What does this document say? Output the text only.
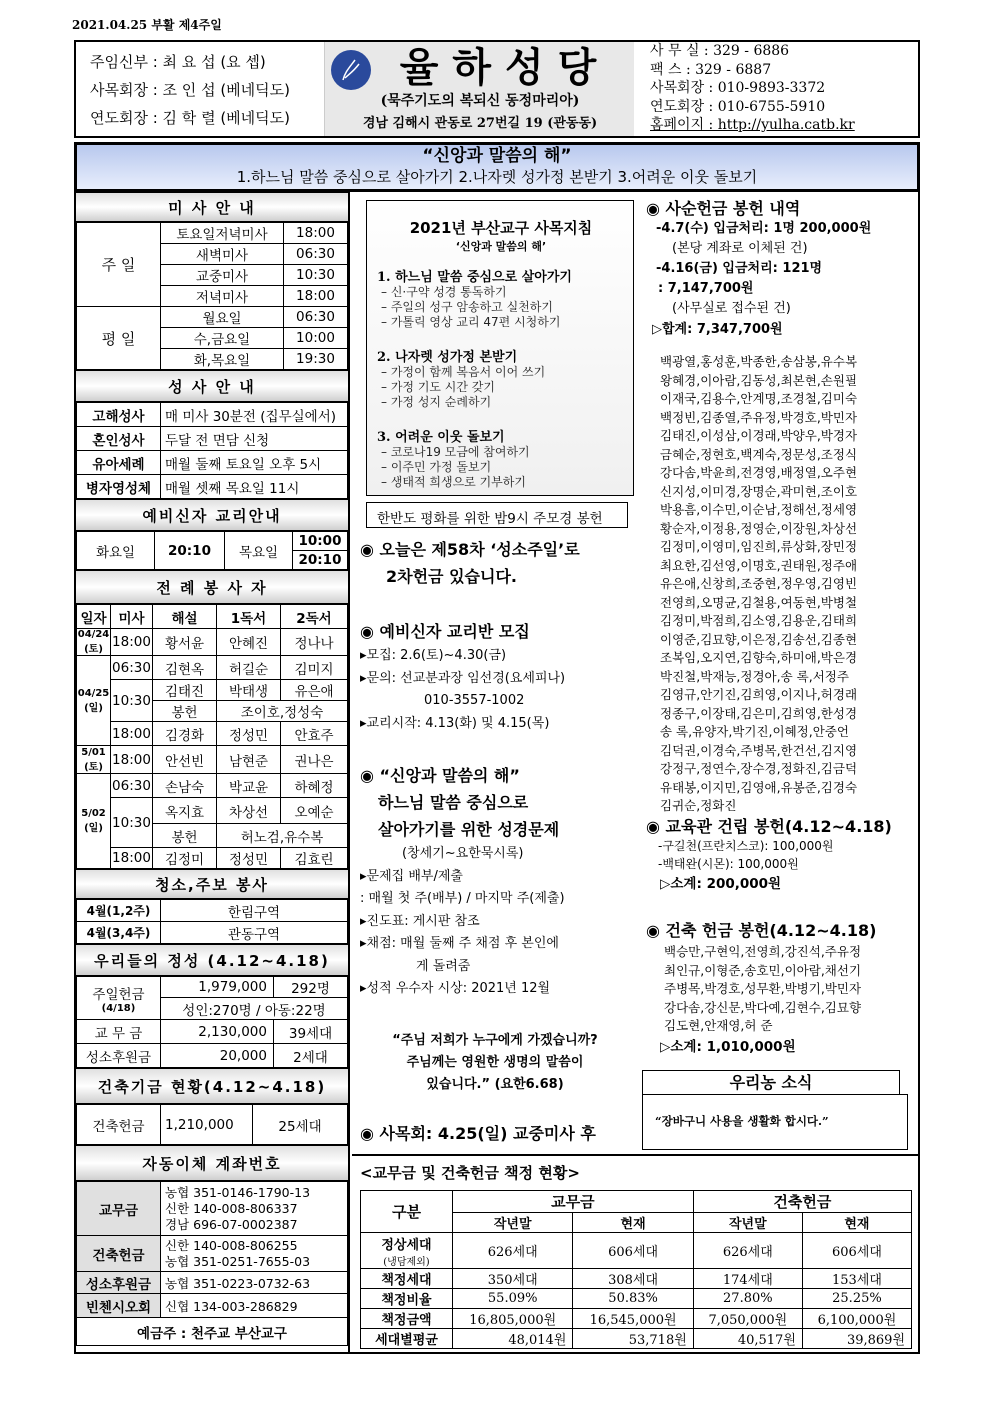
2021.04.25 부활 제4주일
주임신부 : 최 요 섭 (요 셉)
사목회장 : 조 인 섭 (베네딕도)
연도회장 : 김 학 렬 (베네딕도)
율하성당
(묵주기도의 복되신 동정마리아)
경남 김해시 관동로 27번길 19 (관동동)
사 무 실 : 329 - 6886
팩 스 : 329 - 6887
사목회장 : 010-9893-3372
연도회장 : 010-6755-5910
홈페이지 : http://yulha.catb.kr
“신앙과 말씀의 해”
1.하느님 말씀 중심으로 살아가기 2.나자렛 성가정 본받기 3.어려운 이웃 돌보기
미 사 안 내
주 일	토요일저녁미사	18:00
	새벽미사	06:30
	교중미사	10:30
	저녁미사	18:00
평 일	월요일	06:30
	수,금요일	10:00
	화,목요일	19:30
성 사 안 내
고해성사	매 미사 30분전 (집무실에서)
혼인성사	두달 전 면담 신청
유아세례	매월 둘째 토요일 오후 5시
병자영성체	매월 셋째 목요일 11시
예비신자 교리안내
화요일	20:10	목요일	10:00
20:10
전 례 봉 사 자
일자	미사	해설	1독서	2독서
04/24 (토)	18:00	황서윤	안혜진	정나나
04/25 (일)	06:30	김현옥	허길순	김미지
	10:30	김태진	박태생	유은애
		봉헌	조이호,정성숙	
	18:00	김경화	정성민	안효주
5/01 (토)	18:00	안선빈	남현준	권나은
5/02 (일)	06:30	손남숙	박교윤	하혜정
	10:30	옥지효	차상선	오예순
		봉헌	허노검,유수복	
	18:00	김정미	정성민	김효린
청소,주보 봉사
4월(1,2주)	한림구역
4월(3,4주)	관동구역
우리들의 정성 (4.12~4.18)
주일헌금
(4/18)	1,979,000	292명
	성인:270명 / 아동:22명	
교 무 금	2,130,000	39세대
성소후원금	20,000	2세대
건축기금 현황(4.12~4.18)
건축헌금	1,210,000	25세대
자동이체 계좌번호
교무금	농협 351-0146-1790-13
신한 140-008-806337
경남 696-07-0002387

건축헌금	신한 140-008-806255
농협 351-0251-7655-03

성소후원금	농협 351-0223-0732-63
빈첸시오회	신협 134-003-286829
예금주 : 천주교 부산교구	
2021년 부산교구 사목지침
‘신앙과 말씀의 해’
1. 하느님 말씀 중심으로 살아가기
– 신·구약 성경 통독하기
– 주일의 성구 암송하고 실천하기
– 가톨릭 영상 교리 47편 시청하기
2. 나자렛 성가정 본받기
– 가정이 함께 복음서 이어 쓰기
– 가정 기도 시간 갖기
– 가정 성지 순례하기
3. 어려운 이웃 돌보기
– 코로나19 모금에 참여하기
– 이주민 가정 돌보기
– 생태적 희생으로 기부하기
한반도 평화를 위한 밤9시 주모경 봉헌
◉ 오늘은 제58차 ‘성소주일’로
2차헌금 있습니다.
◉ 예비신자 교리반 모집
▸모집: 2.6(토)~4.30(금)
▸문의: 선교분과장 임선경(요세피나)
010-3557-1002
▸교리시작: 4.13(화) 및 4.15(목)
◉ “신앙과 말씀의 해”
하느님 말씀 중심으로
살아가기를 위한 성경문제
(창세기~요한묵시록)
▸문제집 배부/제출
: 매월 첫 주(배부) / 마지막 주(제출)
▸진도표: 게시판 참조
▸채점: 매월 둘째 주 채점 후 본인에
게 돌려줌
▸성적 우수자 시상: 2021년 12월
“주님 저희가 누구에게 가겠습니까?
주님께는 영원한 생명의 말씀이
있습니다.” (요한6.68)
◉ 사목회: 4.25(일) 교중미사 후
◉ 사순헌금 봉헌 내역
-4.7(수) 입금처리: 1명 200,000원
(본당 계좌로 이체된 건)
-4.16(금) 입금처리: 121명
: 7,147,700원
(사무실로 접수된 건)
▷합계: 7,347,700원
백광열,홍성훈,박종한,송삼봉,유수복
왕혜경,이아람,김동성,최본현,손원필
이재국,김용수,안계명,조경철,김미숙
백정빈,김종열,주유정,박경호,박민자
김태진,이성삼,이경래,박양우,박경자
금혜순,정현호,백계숙,정문성,조정식
강다솜,박윤희,전경영,배정열,오주현
신지성,이미경,장명순,곽미현,조이호
박용흠,이수민,이순남,정해선,정세영
황순자,이정용,정영순,이장원,차상선
김정미,이영미,임진희,류상화,장민정
최요한,김선영,이명호,권태원,정주애
유은애,신창희,조중현,정우영,김영빈
전영희,오명균,김철용,여동현,박병철
김정미,박점희,김소영,김용운,김태희
이영준,김묘향,이은정,김송선,김종현
조복임,오지연,김향숙,하미애,박은경
박진철,박재능,정경아,송 록,서정주
김영규,안기진,김희영,이지나,허경래
정종구,이장태,김은미,김희영,한성경
송 록,유양자,박기진,이혜정,안중언
김덕권,이경숙,주병목,한건선,김지영
강정구,정연수,장수경,정화진,김금덕
유태봉,이지민,김영애,유봉준,김경숙
김귀순,정화진
◉ 교육관 건립 봉헌(4.12~4.18)
-구길천(프란치스코): 100,000원
-백태완(시몬): 100,000원
▷소계: 200,000원
◉ 건축 헌금 봉헌(4.12~4.18)
백승만,구현익,전영희,강진석,주유정
최인규,이형준,송호민,이아람,채선기
주병목,박경호,성무환,박병기,박민자
강다솜,강신문,박다예,김현수,김묘향
김도현,안재영,허 준
▷소계: 1,010,000원
우리농 소식
“장바구니 사용을 생활화 합시다.”
<교무금 및 건축헌금 책정 현황>
구분	교무금		건축헌금	
	작년말	현재	작년말	현재

정상세대
(냉담제외)	626세대	606세대	626세대	606세대
책정세대	350세대	308세대	174세대	153세대
책정비율	55.09%	50.83%	27.80%	25.25%
책정금액	16,805,000원	16,545,000원	7,050,000원	6,100,000원
세대별평균	48,014원	53,718원	40,517원	39,869원
